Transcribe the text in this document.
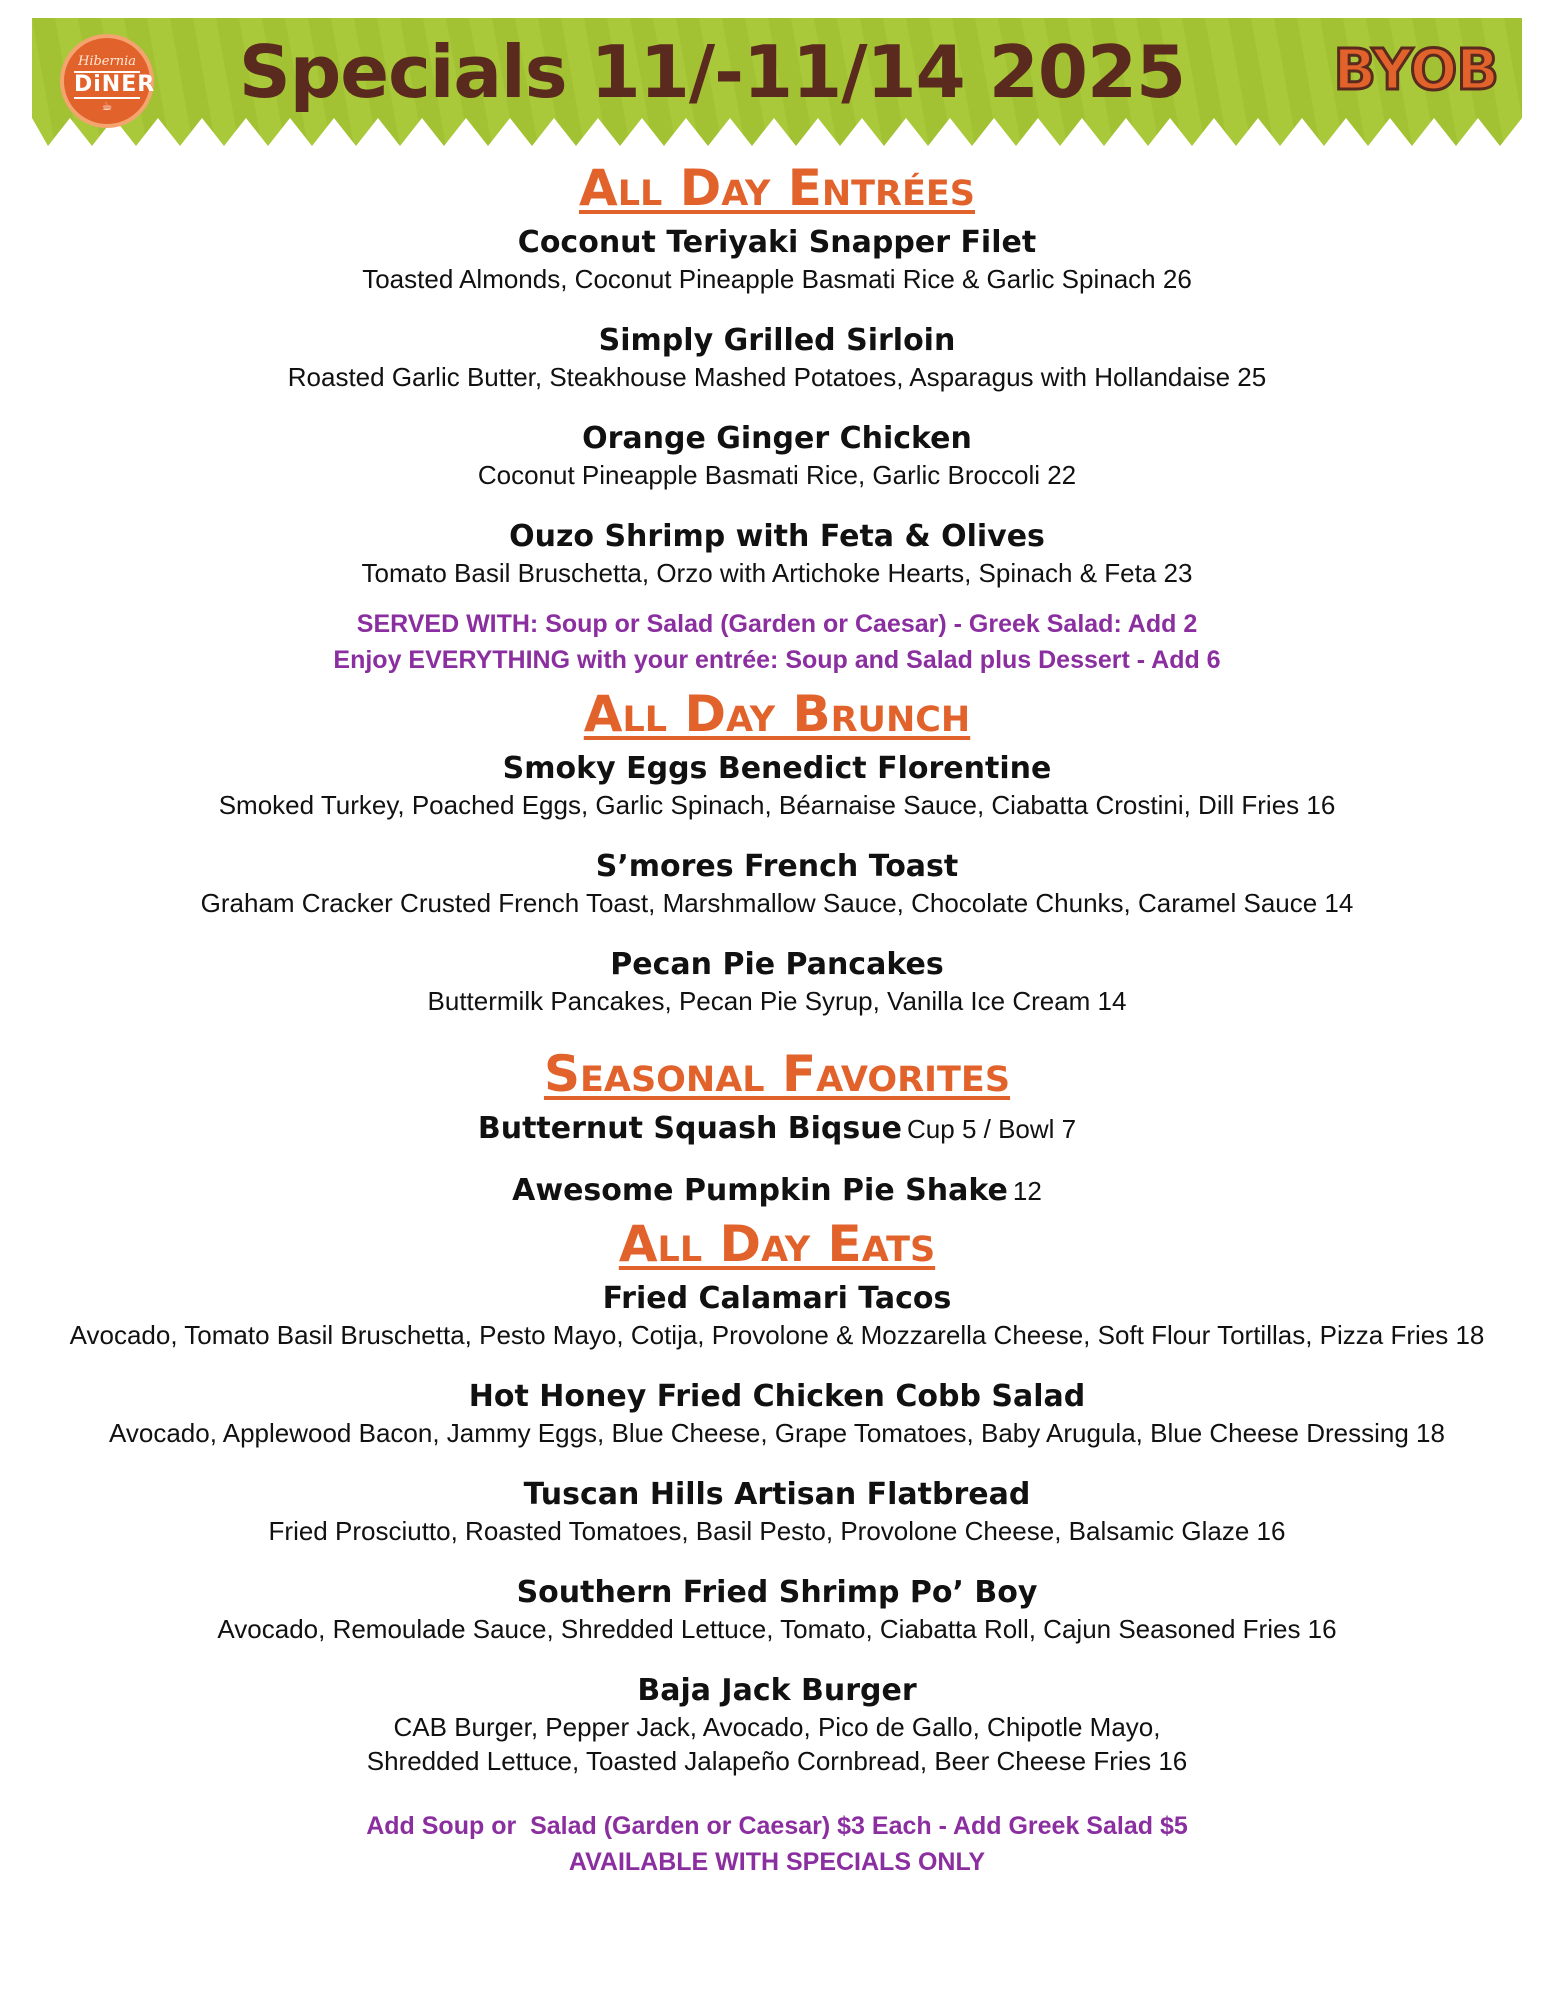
Hibernia
DiNER
☕	Specials 11/-11/14 2025	BYOB
All Day Entrées
Coconut Teriyaki Snapper Filet
Toasted Almonds, Coconut Pineapple Basmati Rice & Garlic Spinach 26
Simply Grilled Sirloin
Roasted Garlic Butter, Steakhouse Mashed Potatoes, Asparagus with Hollandaise 25
Orange Ginger Chicken
Coconut Pineapple Basmati Rice, Garlic Broccoli 22
Ouzo Shrimp with Feta & Olives
Tomato Basil Bruschetta, Orzo with Artichoke Hearts, Spinach & Feta 23
SERVED WITH: Soup or Salad (Garden or Caesar) - Greek Salad: Add 2
Enjoy EVERYTHING with your entrée: Soup and Salad plus Dessert - Add 6
All Day Brunch
Smoky Eggs Benedict Florentine
Smoked Turkey, Poached Eggs, Garlic Spinach, Béarnaise Sauce, Ciabatta Crostini, Dill Fries 16
S’mores French Toast
Graham Cracker Crusted French Toast, Marshmallow Sauce, Chocolate Chunks, Caramel Sauce 14
Pecan Pie Pancakes
Buttermilk Pancakes, Pecan Pie Syrup, Vanilla Ice Cream 14
Seasonal Favorites
Butternut Squash Biqsue Cup 5 / Bowl 7
Awesome Pumpkin Pie Shake 12
All Day Eats
Fried Calamari Tacos
Avocado, Tomato Basil Bruschetta, Pesto Mayo, Cotija, Provolone & Mozzarella Cheese, Soft Flour Tortillas, Pizza Fries 18
Hot Honey Fried Chicken Cobb Salad
Avocado, Applewood Bacon, Jammy Eggs, Blue Cheese, Grape Tomatoes, Baby Arugula, Blue Cheese Dressing 18
Tuscan Hills Artisan Flatbread
Fried Prosciutto, Roasted Tomatoes, Basil Pesto, Provolone Cheese, Balsamic Glaze 16
Southern Fried Shrimp Po’ Boy
Avocado, Remoulade Sauce, Shredded Lettuce, Tomato, Ciabatta Roll, Cajun Seasoned Fries 16
Baja Jack Burger
CAB Burger, Pepper Jack, Avocado, Pico de Gallo, Chipotle Mayo,
Shredded Lettuce, Toasted Jalapeño Cornbread, Beer Cheese Fries 16
Add Soup or  Salad (Garden or Caesar) $3 Each - Add Greek Salad $5
AVAILABLE WITH SPECIALS ONLY
